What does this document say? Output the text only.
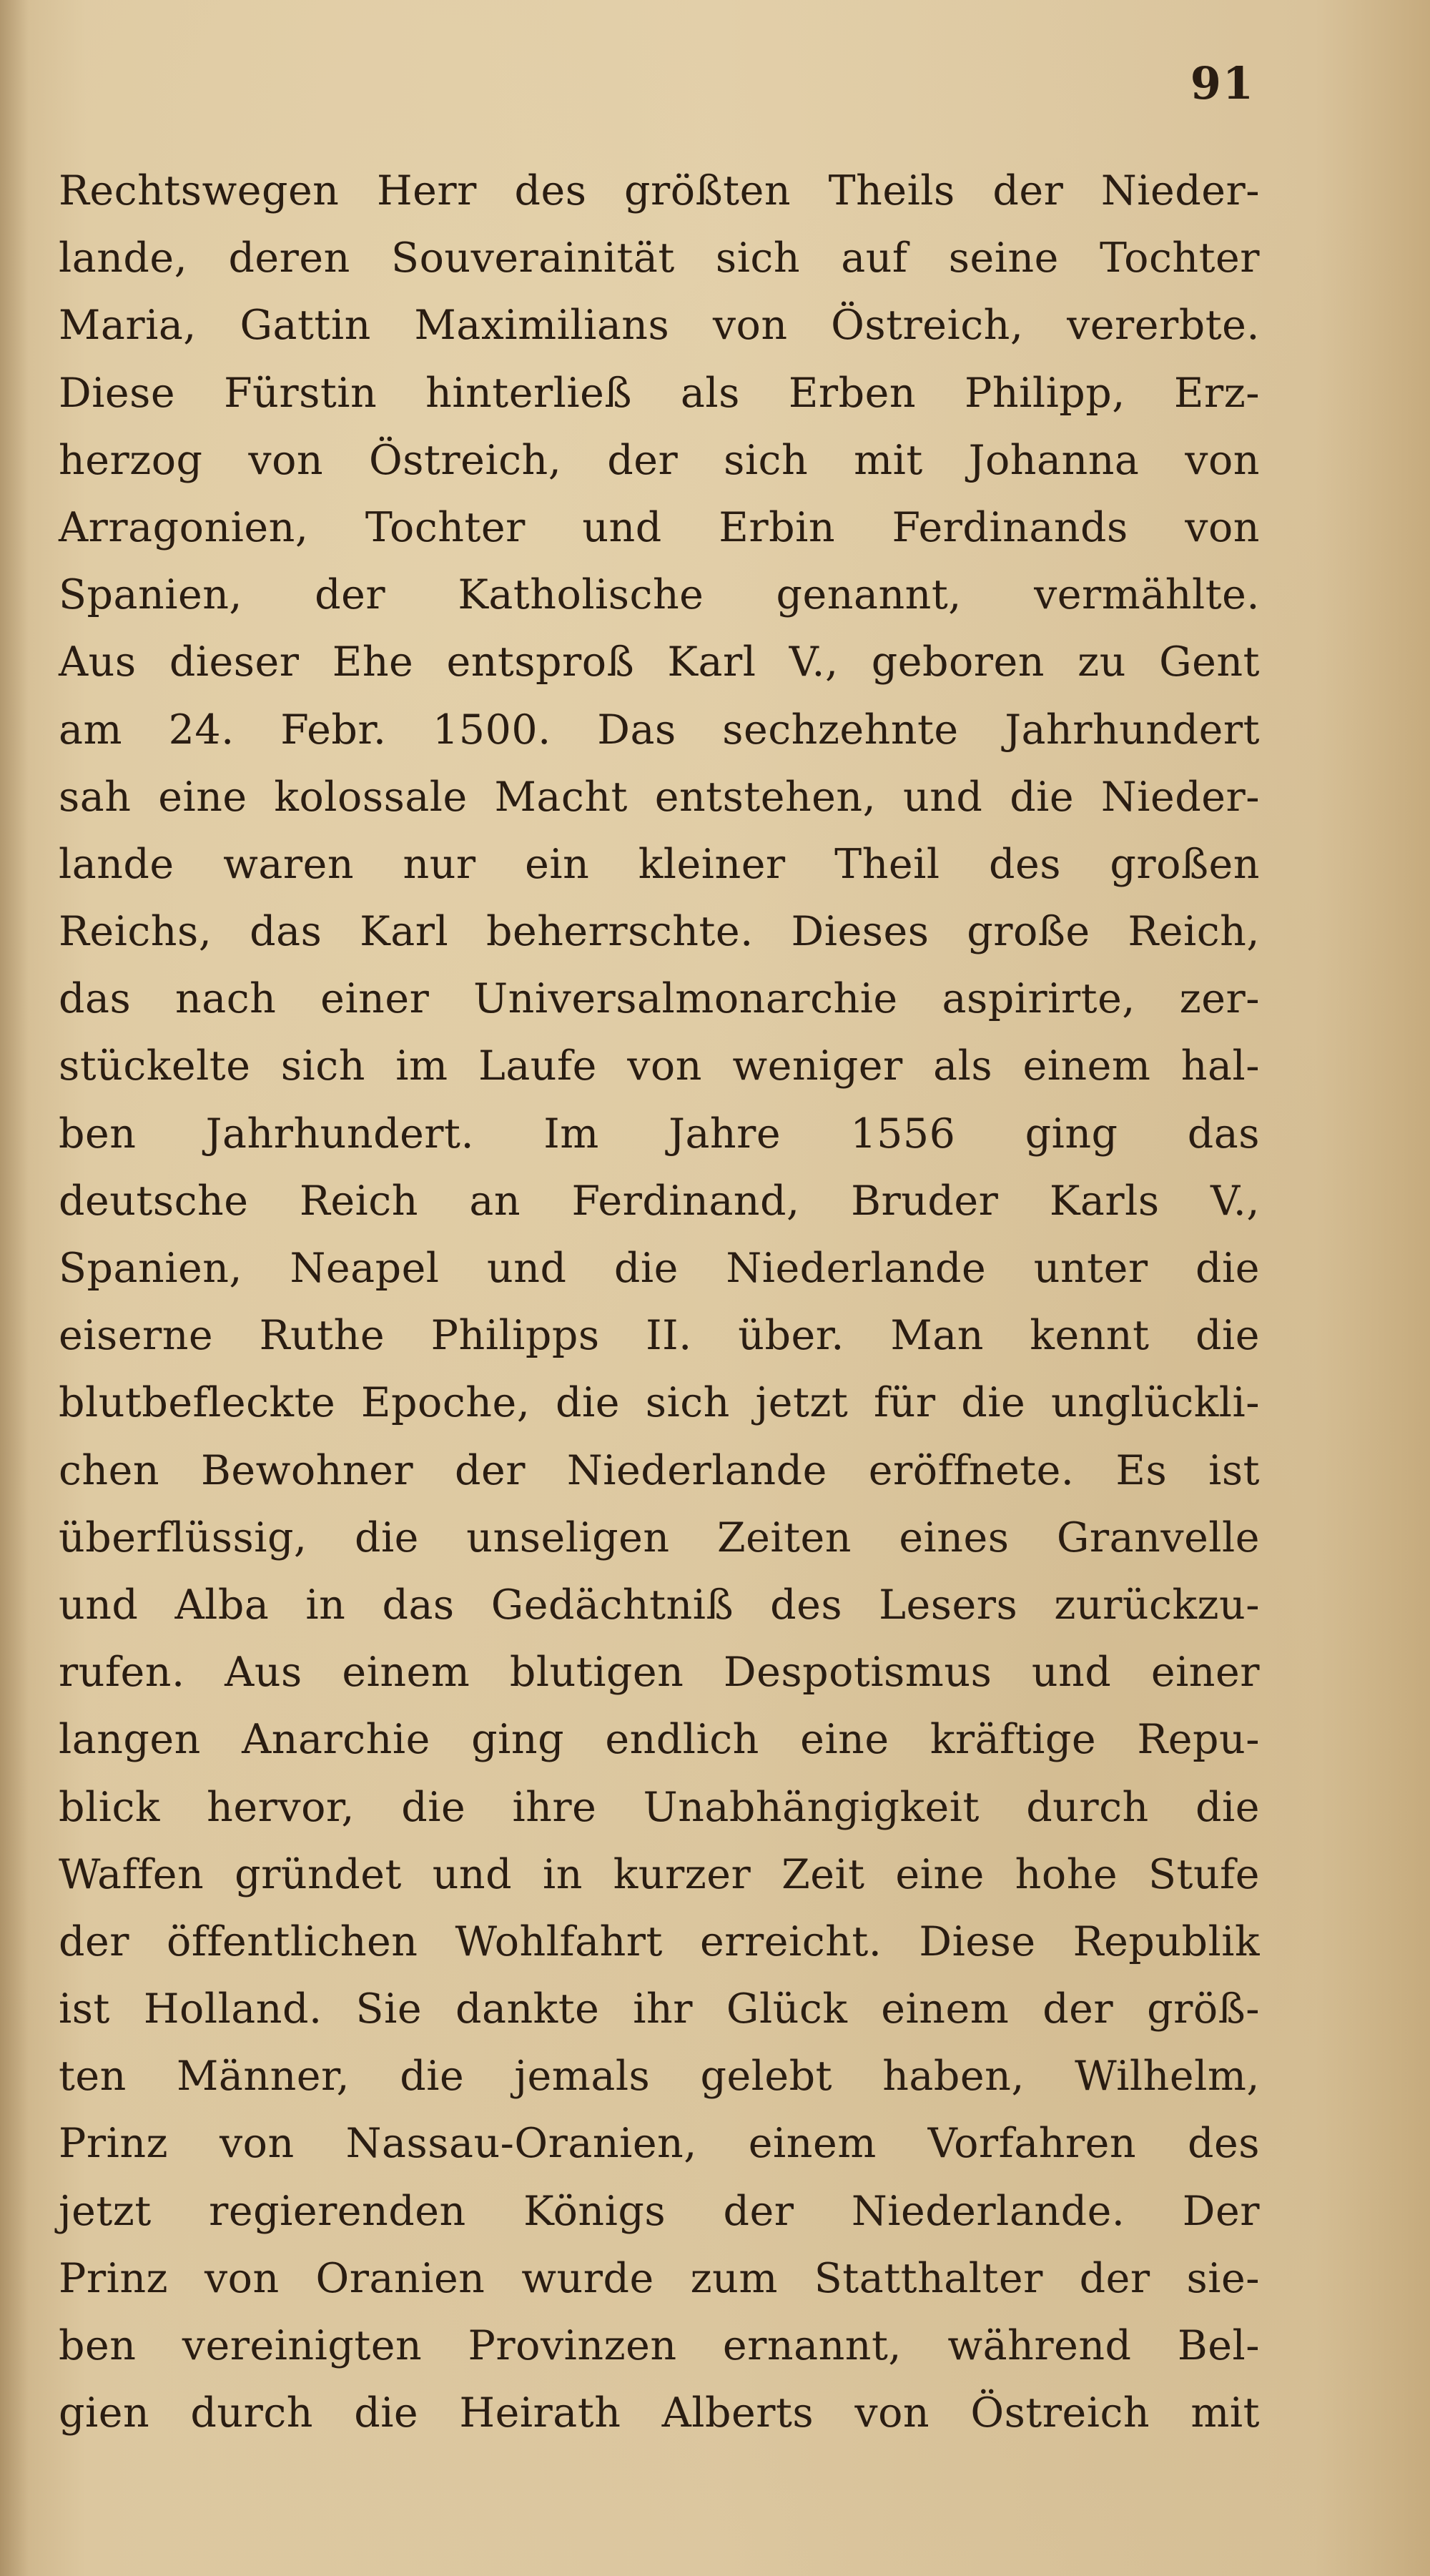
91
Rechtswegen Herr des größten Theils der Nieder-
lande, deren Souverainität sich auf seine Tochter
Maria, Gattin Maximilians von Östreich, vererbte.
Diese Fürstin hinterließ als Erben Philipp, Erz-
herzog von Östreich, der sich mit Johanna von
Arragonien, Tochter und Erbin Ferdinands von
Spanien, der Katholische genannt, vermählte.
Aus dieser Ehe entsproß Karl V., geboren zu Gent
am 24. Febr. 1500. Das sechzehnte Jahrhundert
sah eine kolossale Macht entstehen, und die Nieder-
lande waren nur ein kleiner Theil des großen
Reichs, das Karl beherrschte. Dieses große Reich,
das nach einer Universalmonarchie aspirirte, zer-
stückelte sich im Laufe von weniger als einem hal-
ben Jahrhundert. Im Jahre 1556 ging das
deutsche Reich an Ferdinand, Bruder Karls V.,
Spanien, Neapel und die Niederlande unter die
eiserne Ruthe Philipps II. über. Man kennt die
blutbefleckte Epoche, die sich jetzt für die unglückli-
chen Bewohner der Niederlande eröffnete. Es ist
überflüssig, die unseligen Zeiten eines Granvelle
und Alba in das Gedächtniß des Lesers zurückzu-
rufen. Aus einem blutigen Despotismus und einer
langen Anarchie ging endlich eine kräftige Repu-
blick hervor, die ihre Unabhängigkeit durch die
Waffen gründet und in kurzer Zeit eine hohe Stufe
der öffentlichen Wohlfahrt erreicht. Diese Republik
ist Holland. Sie dankte ihr Glück einem der größ-
ten Männer, die jemals gelebt haben, Wilhelm,
Prinz von Nassau-Oranien, einem Vorfahren des
jetzt regierenden Königs der Niederlande. Der
Prinz von Oranien wurde zum Statthalter der sie-
ben vereinigten Provinzen ernannt, während Bel-
gien durch die Heirath Alberts von Östreich mit
